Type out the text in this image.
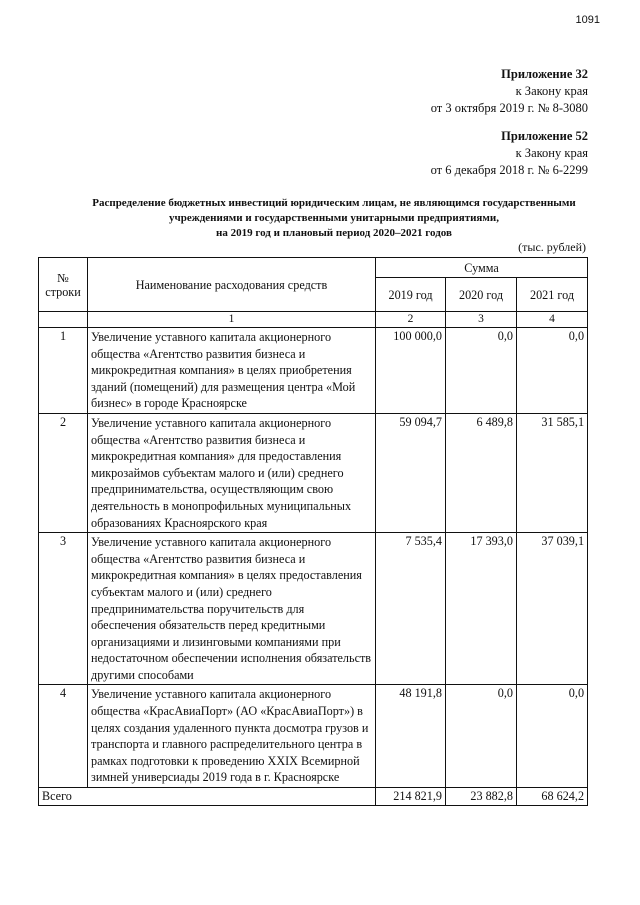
1091
Приложение 32
к Закону края
от 3 октября 2019 г. № 8-3080
Приложение 52
к Закону края
от 6 декабря 2018 г. № 6-2299
Распределение бюджетных инвестиций юридическим лицам, не являющимся государственными
учреждениями и государственными унитарными предприятиями,
на 2019 год и плановый период 2020–2021 годов
(тыс. рублей)
№ строки	Наименование расходования средств	Сумма		
		2019 год	2020 год	2021 год
	1	2	3	4
1	Увеличение уставного капитала акционерного общества «Агентство развития бизнеса и микрокредитная компания» в целях приобретения зданий (помещений) для размещения центра «Мой бизнес» в городе Красноярске	100 000,0	0,0	0,0
2	Увеличение уставного капитала акционерного общества «Агентство развития бизнеса и микрокредитная компания» для предоставления микрозаймов субъектам малого и (или) среднего предпринимательства, осуществляющим свою деятельность в монопрофильных муниципальных образованиях Красноярского края	59 094,7	6 489,8	31 585,1
3	Увеличение уставного капитала акционерного общества «Агентство развития бизнеса и микрокредитная компания» в целях предоставления субъектам малого и (или) среднего предпринимательства поручительств для обеспечения обязательств перед кредитными организациями и лизинговыми компаниями при недостаточном обеспечении исполнения обязательств другими способами	7 535,4	17 393,0	37 039,1
4	Увеличение уставного капитала акционерного общества «КрасАвиаПорт» (АО «КрасАвиаПорт») в целях создания удаленного пункта досмотра грузов и транспорта и главного распределительного центра в рамках подготовки к проведению XXIX Всемирной зимней универсиады 2019 года в г. Красноярске	48 191,8	0,0	0,0
Всего		214 821,9	23 882,8	68 624,2
